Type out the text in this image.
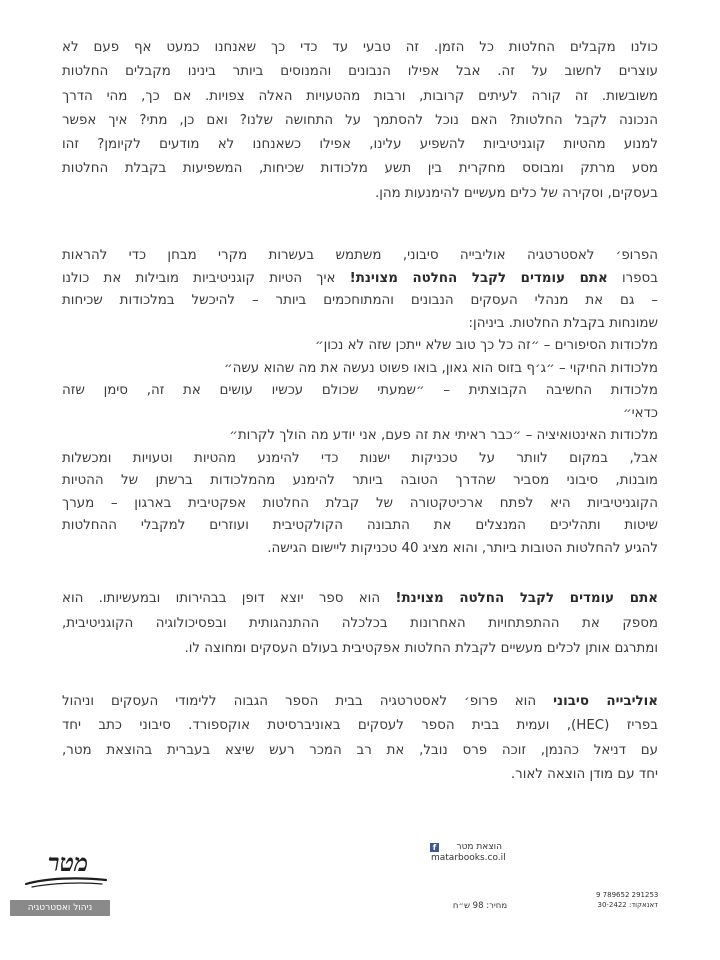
כולנו מקבלים החלטות כל הזמן. זה טבעי עד כדי כך שאנחנו כמעט אף פעם לא
עוצרים לחשוב על זה. אבל אפילו הנבונים והמנוסים ביותר בינינו מקבלים החלטות
משובשות. זה קורה לעיתים קרובות, ורבות מהטעויות האלה צפויות. אם כך, מהי הדרך
הנכונה לקבל החלטות? האם נוכל להסתמך על התחושה שלנו? ואם כן, מתי? איך אפשר
למנוע מהטיות קוגניטיביות להשפיע עלינו, אפילו כשאנחנו לא מודעים לקיומן? זהו
מסע מרתק ומבוסס מחקרית בין תשע מלכודות שכיחות, המשפיעות בקבלת החלטות
בעסקים, וסקירה של כלים מעשיים להימנעות מהן.
הפרופ׳ לאסטרטגיה אוליבייה סיבוני, משתמש בעשרות מקרי מבחן כדי להראות
בספרו אתם עומדים לקבל החלטה מצוינת! איך הטיות קוגניטיביות מובילות את כולנו
– גם את מנהלי העסקים הנבונים והמתוחכמים ביותר – להיכשל במלכודות שכיחות
שמונחות בקבלת החלטות. ביניהן:
מלכודות הסיפורים – ״זה כל כך טוב שלא ייתכן שזה לא נכון״
מלכודות החיקוי – ״ג׳ף בזוס הוא גאון, בואו פשוט נעשה את מה שהוא עשה״
מלכודות החשיבה הקבוצתית – ״שמעתי שכולם עכשיו עושים את זה, סימן שזה
כדאי״
מלכודות האינטואיציה – ״כבר ראיתי את זה פעם, אני יודע מה הולך לקרות״
אבל, במקום לוותר על טכניקות ישנות כדי להימנע מהטיות וטעויות ומכשלות
מובנות, סיבוני מסביר שהדרך הטובה ביותר להימנע מהמלכודות ברשתן של ההטיות
הקוגניטיביות היא לפתח ארכיטקטורה של קבלת החלטות אפקטיבית בארגון – מערך
שיטות ותהליכים המנצלים את התבונה הקולקטיבית ועוזרים למקבלי ההחלטות
להגיע להחלטות הטובות ביותר, והוא מציג 40 טכניקות ליישום הגישה.
אתם עומדים לקבל החלטה מצוינת! הוא ספר יוצא דופן בבהירותו ובמעשיותו. הוא
מספק את ההתפתחויות האחרונות בכלכלה ההתנהגותית ובפסיכולוגיה הקוגניטיבית,
ומתרגם אותן לכלים מעשיים לקבלת החלטות אפקטיבית בעולם העסקים ומחוצה לו.
אוליבייה סיבוני הוא פרופ׳ לאסטרטגיה בבית הספר הגבוה ללימודי העסקים וניהול
בפריז (HEC), ועמית בבית הספר לעסקים באוניברסיטת אוקספורד. סיבוני כתב יחד
עם דניאל כהנמן, זוכה פרס נובל, את רב המכר רעש שיצא בעברית בהוצאת מטר,
יחד עם מודן הוצאה לאור.
מטר
ניהול ואסטרטגיה
f	הוצאת מטר
matarbooks.co.il
מחיר: 98 ש״ח
9 789652 291253
דאנאקוד: 30-2422
